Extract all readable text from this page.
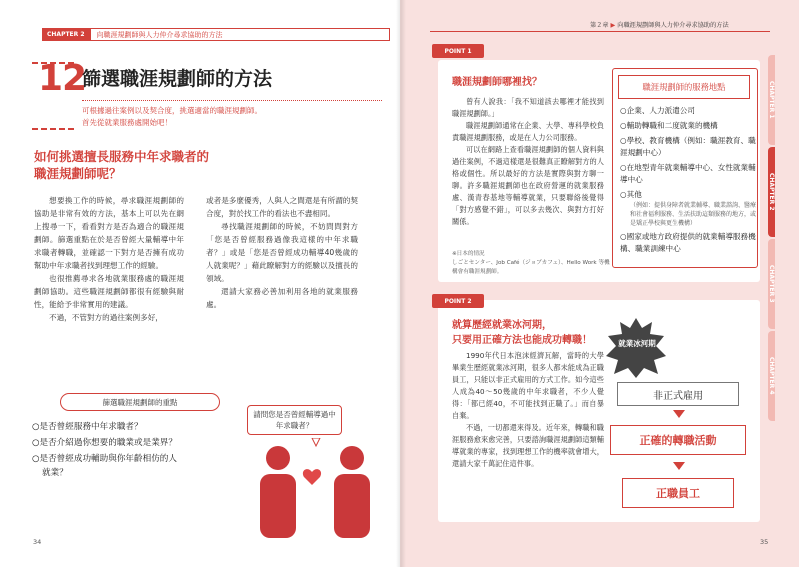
CHAPTER 2	向職涯規劃師與人力仲介尋求協助的方法
12
篩選職涯規劃師的方法
可根據過往案例以及契合度，挑選適當的職涯規劃師。
首先從就業服務處開始吧！
如何挑選擅長服務中年求職者的
職涯規劃師呢？

想要換工作的時候，尋求職涯規劃師的協助是非常有效的方法，基本上可以先在網上搜尋一下，看看對方是否為適合的職涯規劃師。篩選重點在於是否曾經大量輔導中年求職者轉職，並確認一下對方是否擁有成功幫助中年求職者找到理想工作的經驗。

也很推薦尋求各地就業服務處的職涯規劃師協助。這些職涯規劃師都很有經驗與耐性，能給予非常實用的建議。

不過，不管對方的過往案例多好，

或者是多麼優秀，人與人之間還是有所謂的契合度，對於找工作的看法也不盡相同。

尋找職涯規劃師的時候，不妨問問對方「您是否曾經服務過像我這樣的中年求職者？」或是「您是否曾經成功輔導40幾歲的人就業呢？」藉此瞭解對方的經驗以及擅長的領域。

還請大家務必善加利用各地的就業服務處。

篩選職涯規劃師的重點
○是否曾經服務中年求職者？
○是否介紹過你想要的職業或是業界？
○是否曾經成功輔助與你年齡相仿的人
就業？
請問您是否曾經輔導過中年求職者？
34
第２章 ▶ 向職涯規劃師與人力仲介尋求協助的方法
CHAPTER 1
CHAPTER 2
CHAPTER 3
CHAPTER 4
POINT 1
職涯規劃師哪裡找？

曾有人說我：「我不知道該去哪裡才能找到職涯規劃師。」

職涯規劃師通常在企業、大學、專科學校負責職涯規劃服務，或是在人力公司服務。

可以在網路上查看職涯規劃師的個人資料與過往案例，不過這樣還是很難真正瞭解對方的人格或個性。所以最好的方法是實際與對方聊一聊。許多職涯規劃師也在政府營運的就業服務處、漢青春基地等輔導就業，只要聯絡後覺得「對方感覺不錯」，可以多去幾次、與對方打好關係。

※日本的情況
しごとセンター、Job Café（ジョブカフェ）、Hello Work 等機構會有職涯規劃師。
職涯規劃師的服務地點
○企業、人力派遣公司
○輔助轉職和二度就業的機構
○學校、教育機構（例如：職涯教育、職涯規劃中心）
○在地型青年就業輔導中心、女性就業輔導中心
○其他
（例如：提供身障者就業輔導、職業諮詢、醫療和社會福利服務、生活扶助這類服務的地方，或是矯正學校與更生機構）
○國家或地方政府提供的就業輔導服務機構、職業訓練中心
POINT 2
就算歷經就業冰河期，
只要用正確方法也能成功轉職！

1990年代日本泡沫經濟瓦解，當時的大學畢業生歷經就業冰河期，很多人都未能成為正職員工，只能以非正式雇用的方式工作。如今這些人成為40～50幾歲的中年求職者，不少人覺得：「都已經40，不可能找到正職了。」而自暴自棄。

不過，一切都還來得及。近年來，轉職和職涯服務愈來愈完善，只要諮詢職涯規劃師這類輔導就業的專家，找到理想工作的機率就會增大，還請大家千萬記住這件事。

就業冰河期
非正式雇用
正確的轉職活動
正職員工
35
